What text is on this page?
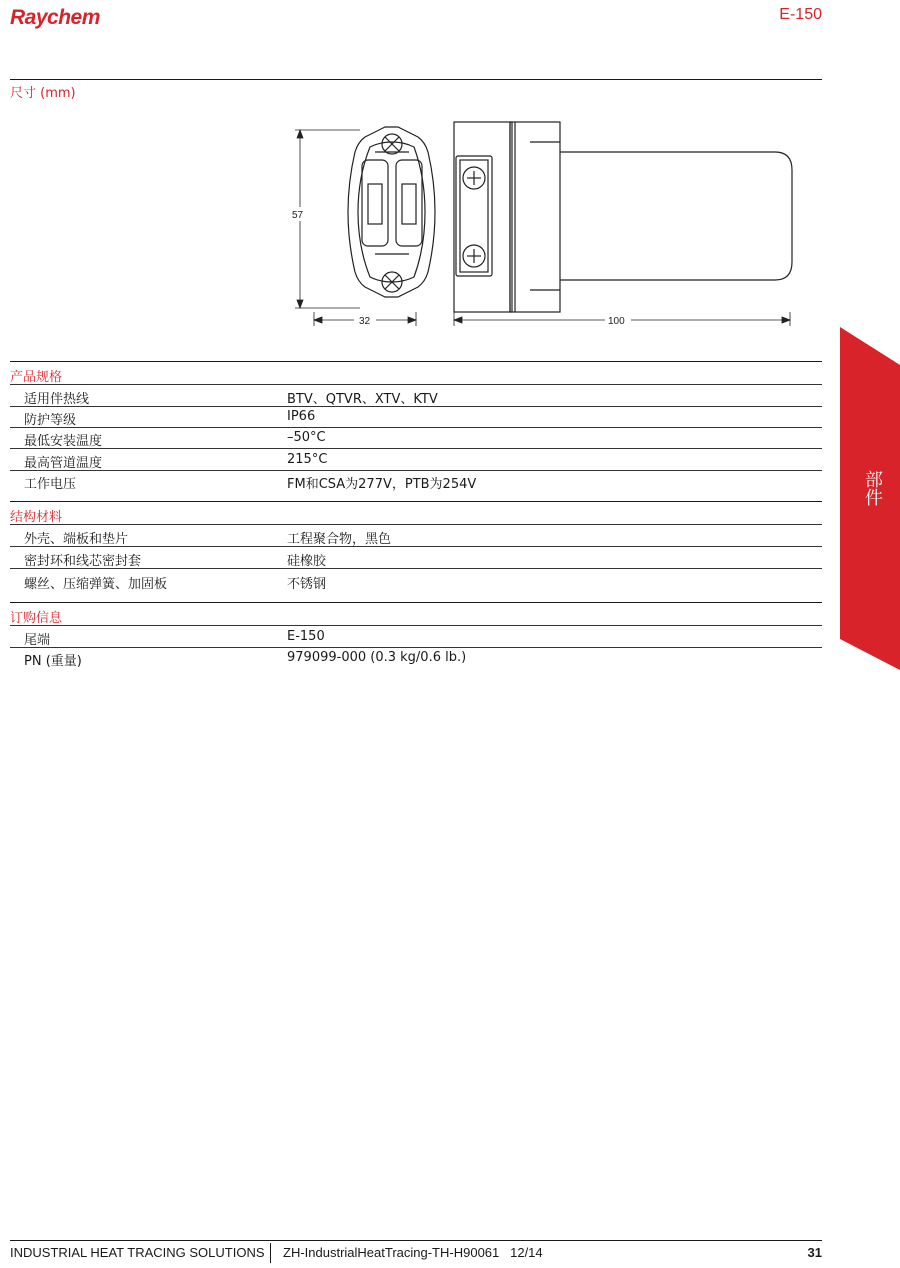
Raychem	E-150
尺寸 (mm)
57
32	100
产品规格
适用伴热线	BTV、QTVR、XTV、KTV
防护等级	IP66
最低安装温度	–50°C
最高管道温度	215°C
工作电压	FM和CSA为277V，PTB为254V
结构材料
外壳、端板和垫片	工程聚合物，黑色
密封环和线芯密封套	硅橡胶
螺丝、压缩弹簧、加固板	不锈钢
订购信息
尾端	E-150
PN (重量)	979099-000 (0.3 kg/0.6 lb.)
部件
INDUSTRIAL HEAT TRACING SOLUTIONS ZH-IndustrialHeatTracing-TH-H90061 12/14	31
